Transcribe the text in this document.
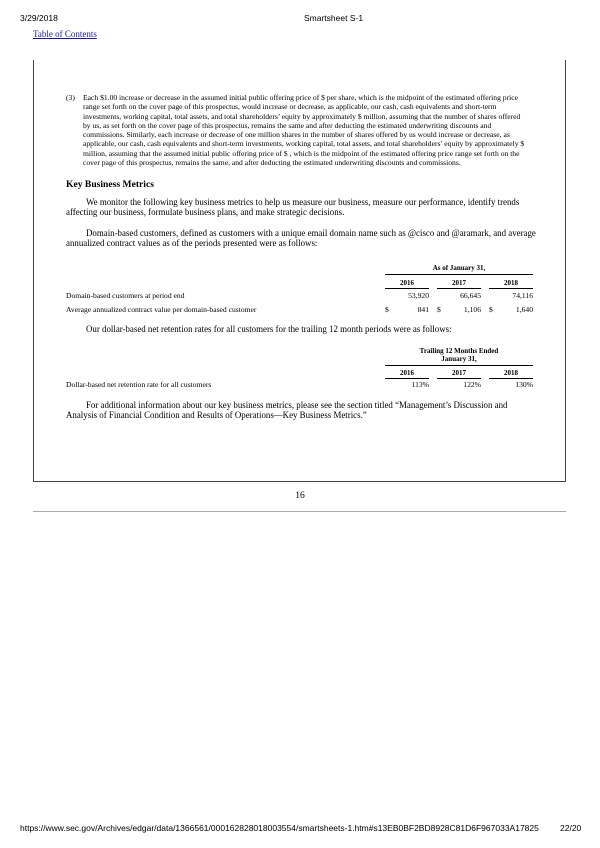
3/29/2018	Smartsheet S-1
Table of Contents
(3) Each $1.00 increase or decrease in the assumed initial public offering price of $ per share, which is the midpoint of the estimated offering price range set forth on the cover page of this prospectus, would increase or decrease, as applicable, our cash, cash equivalents and short-term investments, working capital, total assets, and total shareholders’ equity by approximately $ million, assuming that the number of shares offered by us, as set forth on the cover page of this prospectus, remains the same and after deducting the estimated underwriting discounts and commissions. Similarly, each increase or decrease of one million shares in the number of shares offered by us would increase or decrease, as applicable, our cash, cash equivalents and short-term investments, working capital, total assets, and total shareholders’ equity by approximately $ million, assuming that the assumed initial public offering price of $ , which is the midpoint of the estimated offering price range set forth on the cover page of this prospectus, remains the same, and after deducting the estimated underwriting discounts and commissions.
Key Business Metrics
We monitor the following key business metrics to help us measure our business, measure our performance, identify trends affecting our business, formulate business plans, and make strategic decisions.
Domain-based customers, defined as customers with a unique email domain name such as @cisco and @aramark, and average annualized contract values as of the periods presented were as follows:
As of January 31,
2016	2017	2018
Domain-based customers at period end	53,920	66,645	74,116
Average annualized contract value per domain-based customer	$	841 $	1,106 $	1,640
Our dollar-based net retention rates for all customers for the trailing 12 month periods were as follows:
Trailing 12 Months Ended
January 31,
2016	2017	2018
Dollar-based net retention rate for all customers	113%	122%	130%
For additional information about our key business metrics, please see the section titled “Management’s Discussion and Analysis of Financial Condition and Results of Operations—Key Business Metrics.”
16
https://www.sec.gov/Archives/edgar/data/1366561/000162828018003554/smartsheets-1.htm#s13EB0BF2BD8928C81D6F967033A17825 22/20
